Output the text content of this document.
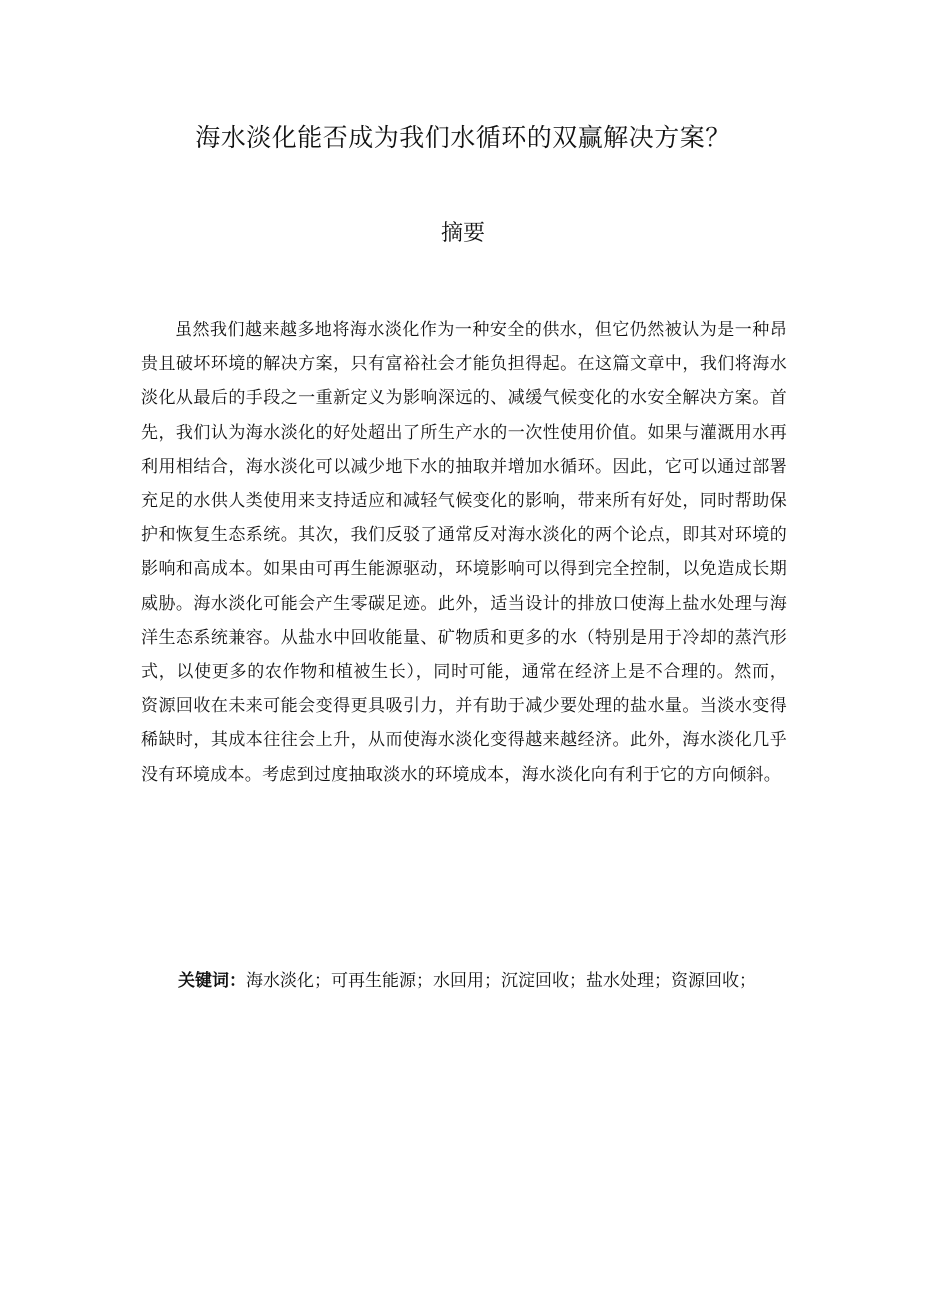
海水淡化能否成为我们水循环的双赢解决方案？
摘要

虽然我们越来越多地将海水淡化作为一种安全的供水，但它仍然被认为是一种昂贵且破坏环境的解决方案，只有富裕社会才能负担得起。在这篇文章中，我们将海水淡化从最后的手段之一重新定义为影响深远的、减缓气候变化的水安全解决方案。首先，我们认为海水淡化的好处超出了所生产水的一次性使用价值。如果与灌溉用水再利用相结合，海水淡化可以减少地下水的抽取并增加水循环。因此，它可以通过部署充足的水供人类使用来支持适应和减轻气候变化的影响，带来所有好处，同时帮助保护和恢复生态系统。其次，我们反驳了通常反对海水淡化的两个论点，即其对环境的影响和高成本。如果由可再生能源驱动，环境影响可以得到完全控制，以免造成长期威胁。海水淡化可能会产生零碳足迹。此外，适当设计的排放口使海上盐水处理与海洋生态系统兼容。从盐水中回收能量、矿物质和更多的水（特别是用于冷却的蒸汽形式，以使更多的农作物和植被生长），同时可能，通常在经济上是不合理的。然而，资源回收在未来可能会变得更具吸引力，并有助于减少要处理的盐水量。当淡水变得稀缺时，其成本往往会上升，从而使海水淡化变得越来越经济。此外，海水淡化几乎没有环境成本。考虑到过度抽取淡水的环境成本，海水淡化向有利于它的方向倾斜。

关键词：海水淡化；可再生能源；水回用；沉淀回收；盐水处理；资源回收；
